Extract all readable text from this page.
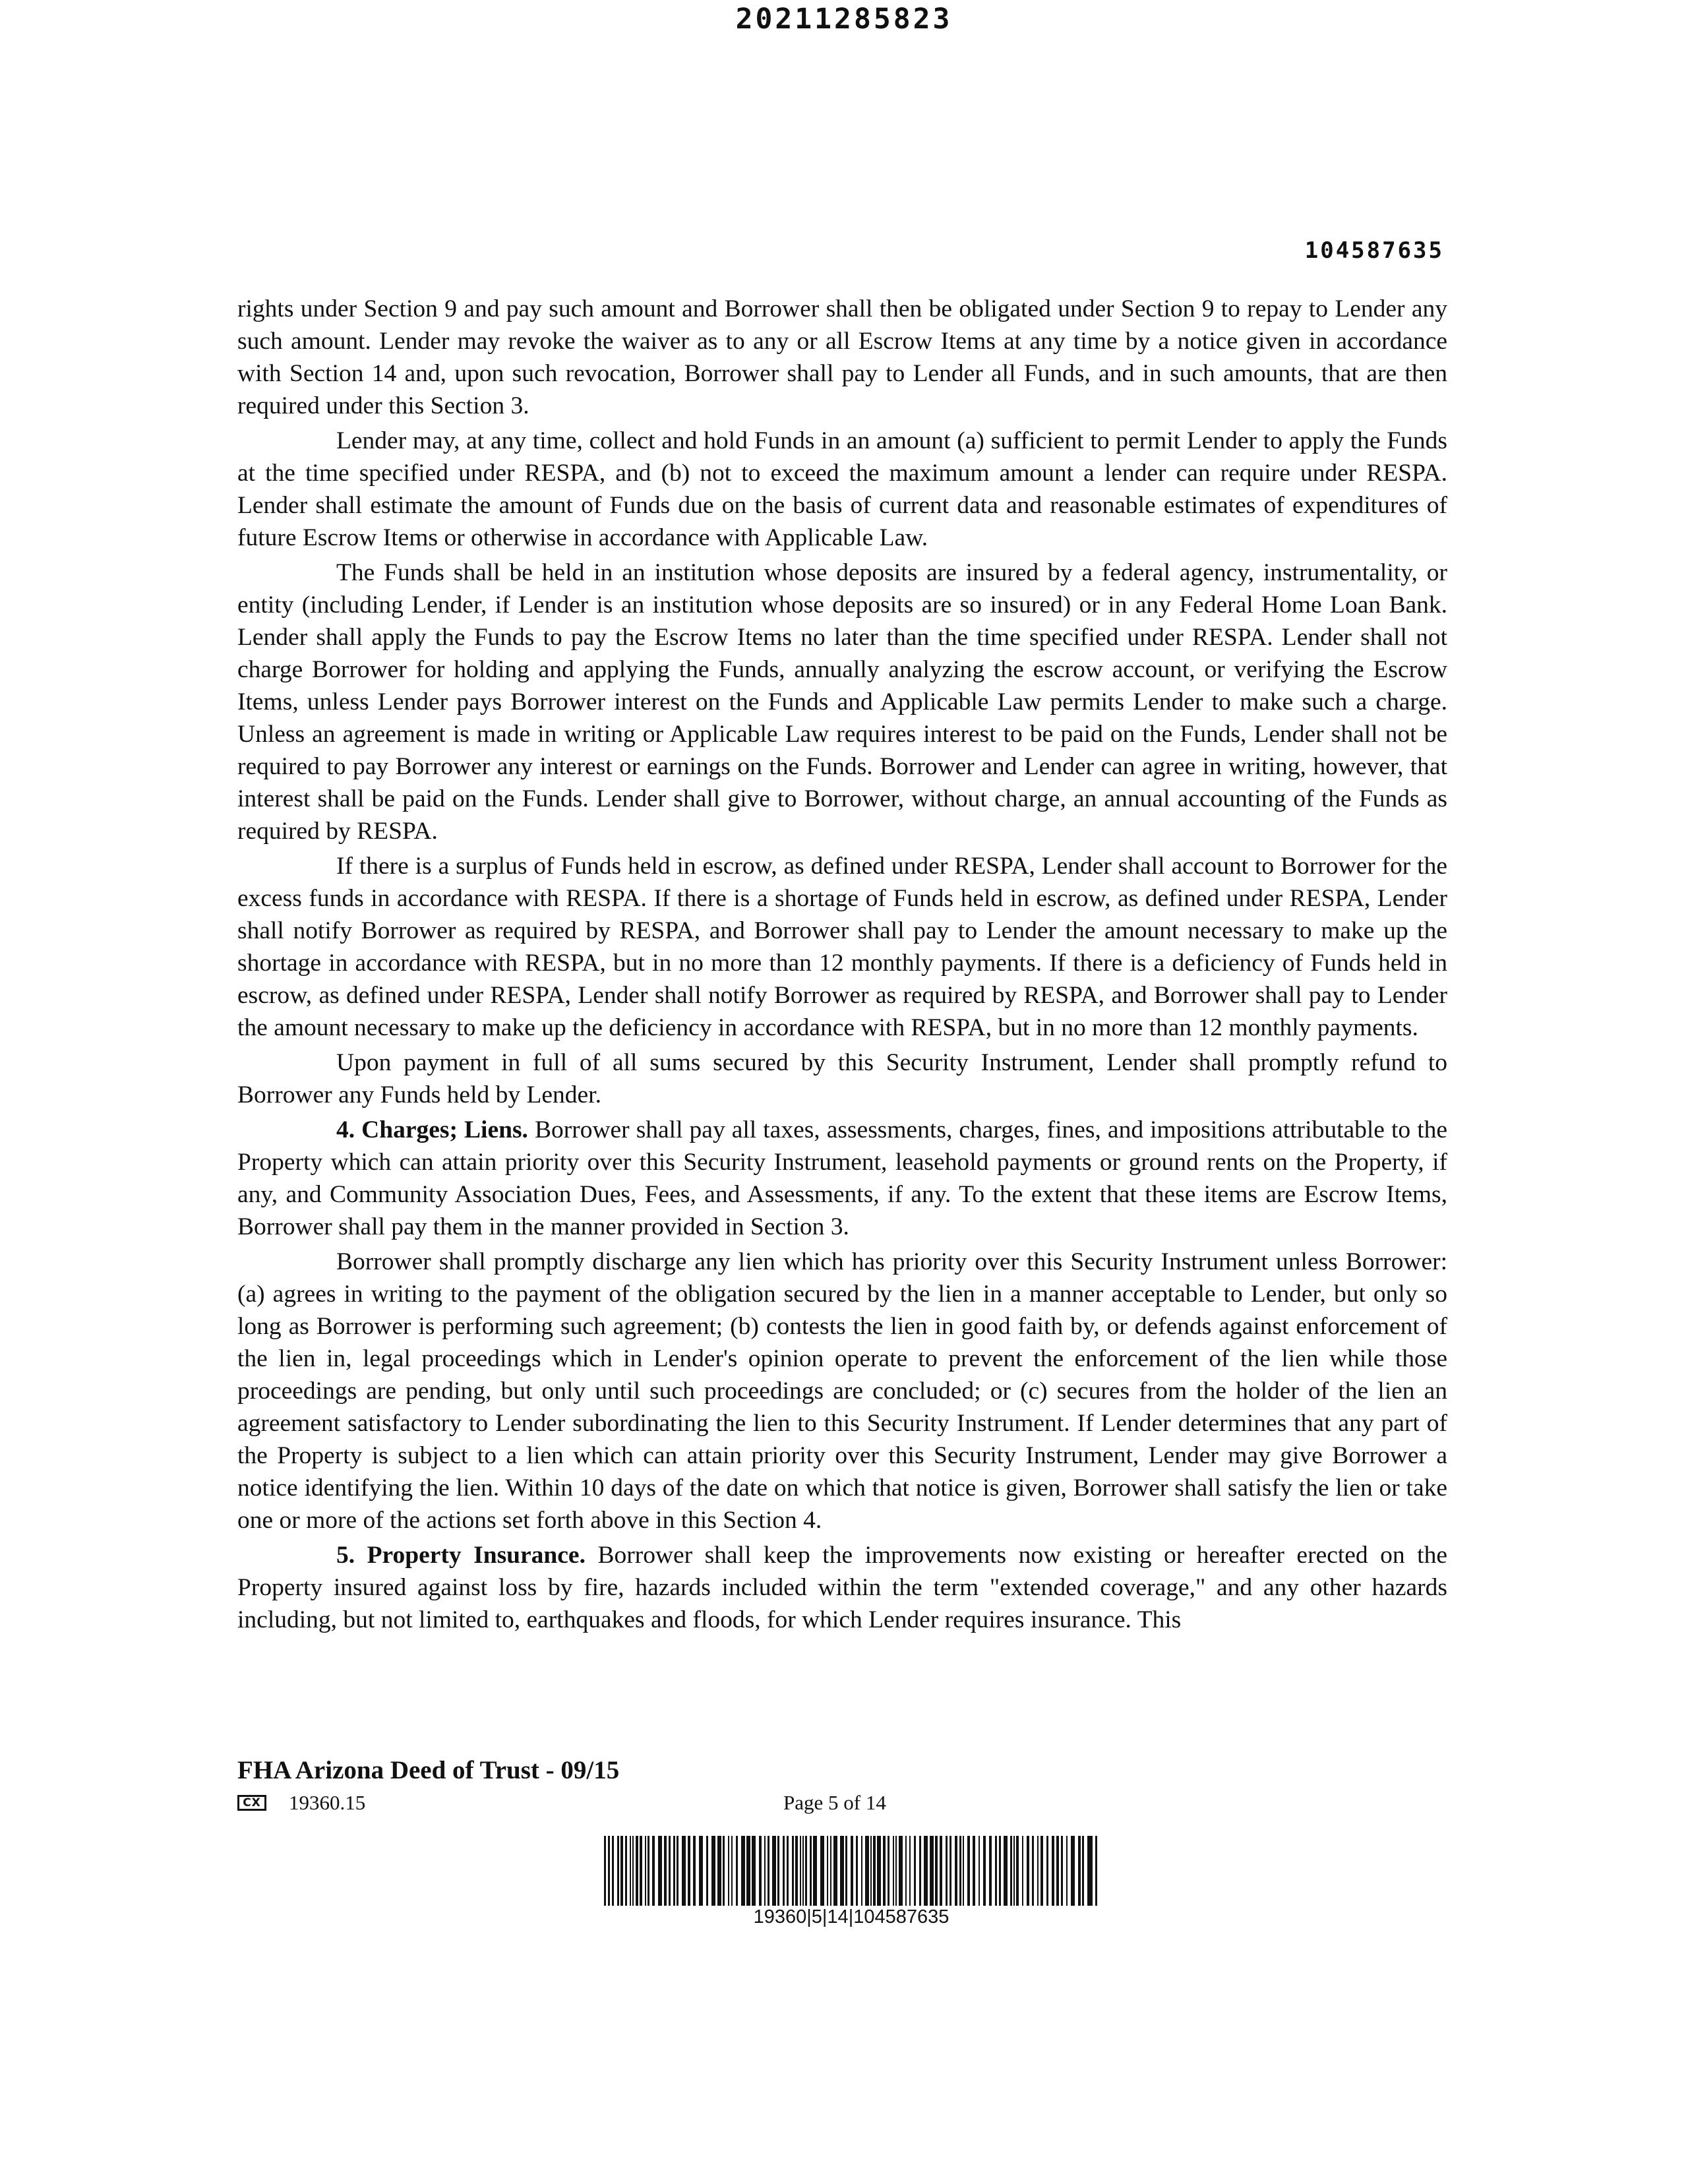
20211285823
104587635

rights under Section 9 and pay such amount and Borrower shall then be obligated under Section 9 to repay to Lender any such amount. Lender may revoke the waiver as to any or all Escrow Items at any time by a notice given in accordance with Section 14 and, upon such revocation, Borrower shall pay to Lender all Funds, and in such amounts, that are then required under this Section 3.

Lender may, at any time, collect and hold Funds in an amount (a) sufficient to permit Lender to apply the Funds at the time specified under RESPA, and (b) not to exceed the maximum amount a lender can require under RESPA. Lender shall estimate the amount of Funds due on the basis of current data and reasonable estimates of expenditures of future Escrow Items or otherwise in accordance with Applicable Law.

The Funds shall be held in an institution whose deposits are insured by a federal agency, instrumentality, or entity (including Lender, if Lender is an institution whose deposits are so insured) or in any Federal Home Loan Bank. Lender shall apply the Funds to pay the Escrow Items no later than the time specified under RESPA. Lender shall not charge Borrower for holding and applying the Funds, annually analyzing the escrow account, or verifying the Escrow Items, unless Lender pays Borrower interest on the Funds and Applicable Law permits Lender to make such a charge. Unless an agreement is made in writing or Applicable Law requires interest to be paid on the Funds, Lender shall not be required to pay Borrower any interest or earnings on the Funds. Borrower and Lender can agree in writing, however, that interest shall be paid on the Funds. Lender shall give to Borrower, without charge, an annual accounting of the Funds as required by RESPA.

If there is a surplus of Funds held in escrow, as defined under RESPA, Lender shall account to Borrower for the excess funds in accordance with RESPA. If there is a shortage of Funds held in escrow, as defined under RESPA, Lender shall notify Borrower as required by RESPA, and Borrower shall pay to Lender the amount necessary to make up the shortage in accordance with RESPA, but in no more than 12 monthly payments. If there is a deficiency of Funds held in escrow, as defined under RESPA, Lender shall notify Borrower as required by RESPA, and Borrower shall pay to Lender the amount necessary to make up the deficiency in accordance with RESPA, but in no more than 12 monthly payments.

Upon payment in full of all sums secured by this Security Instrument, Lender shall promptly refund to Borrower any Funds held by Lender.

4. Charges; Liens. Borrower shall pay all taxes, assessments, charges, fines, and impositions attributable to the Property which can attain priority over this Security Instrument, leasehold payments or ground rents on the Property, if any, and Community Association Dues, Fees, and Assessments, if any. To the extent that these items are Escrow Items, Borrower shall pay them in the manner provided in Section 3.

Borrower shall promptly discharge any lien which has priority over this Security Instrument unless Borrower: (a) agrees in writing to the payment of the obligation secured by the lien in a manner acceptable to Lender, but only so long as Borrower is performing such agreement; (b) contests the lien in good faith by, or defends against enforcement of the lien in, legal proceedings which in Lender's opinion operate to prevent the enforcement of the lien while those proceedings are pending, but only until such proceedings are concluded; or (c) secures from the holder of the lien an agreement satisfactory to Lender subordinating the lien to this Security Instrument. If Lender determines that any part of the Property is subject to a lien which can attain priority over this Security Instrument, Lender may give Borrower a notice identifying the lien. Within 10 days of the date on which that notice is given, Borrower shall satisfy the lien or take one or more of the actions set forth above in this Section 4.

5. Property Insurance. Borrower shall keep the improvements now existing or hereafter erected on the Property insured against loss by fire, hazards included within the term "extended coverage," and any other hazards including, but not limited to, earthquakes and floods, for which Lender requires insurance. This

FHA Arizona Deed of Trust - 09/15
CX 19360.15	Page 5 of 14
19360|5|14|104587635
